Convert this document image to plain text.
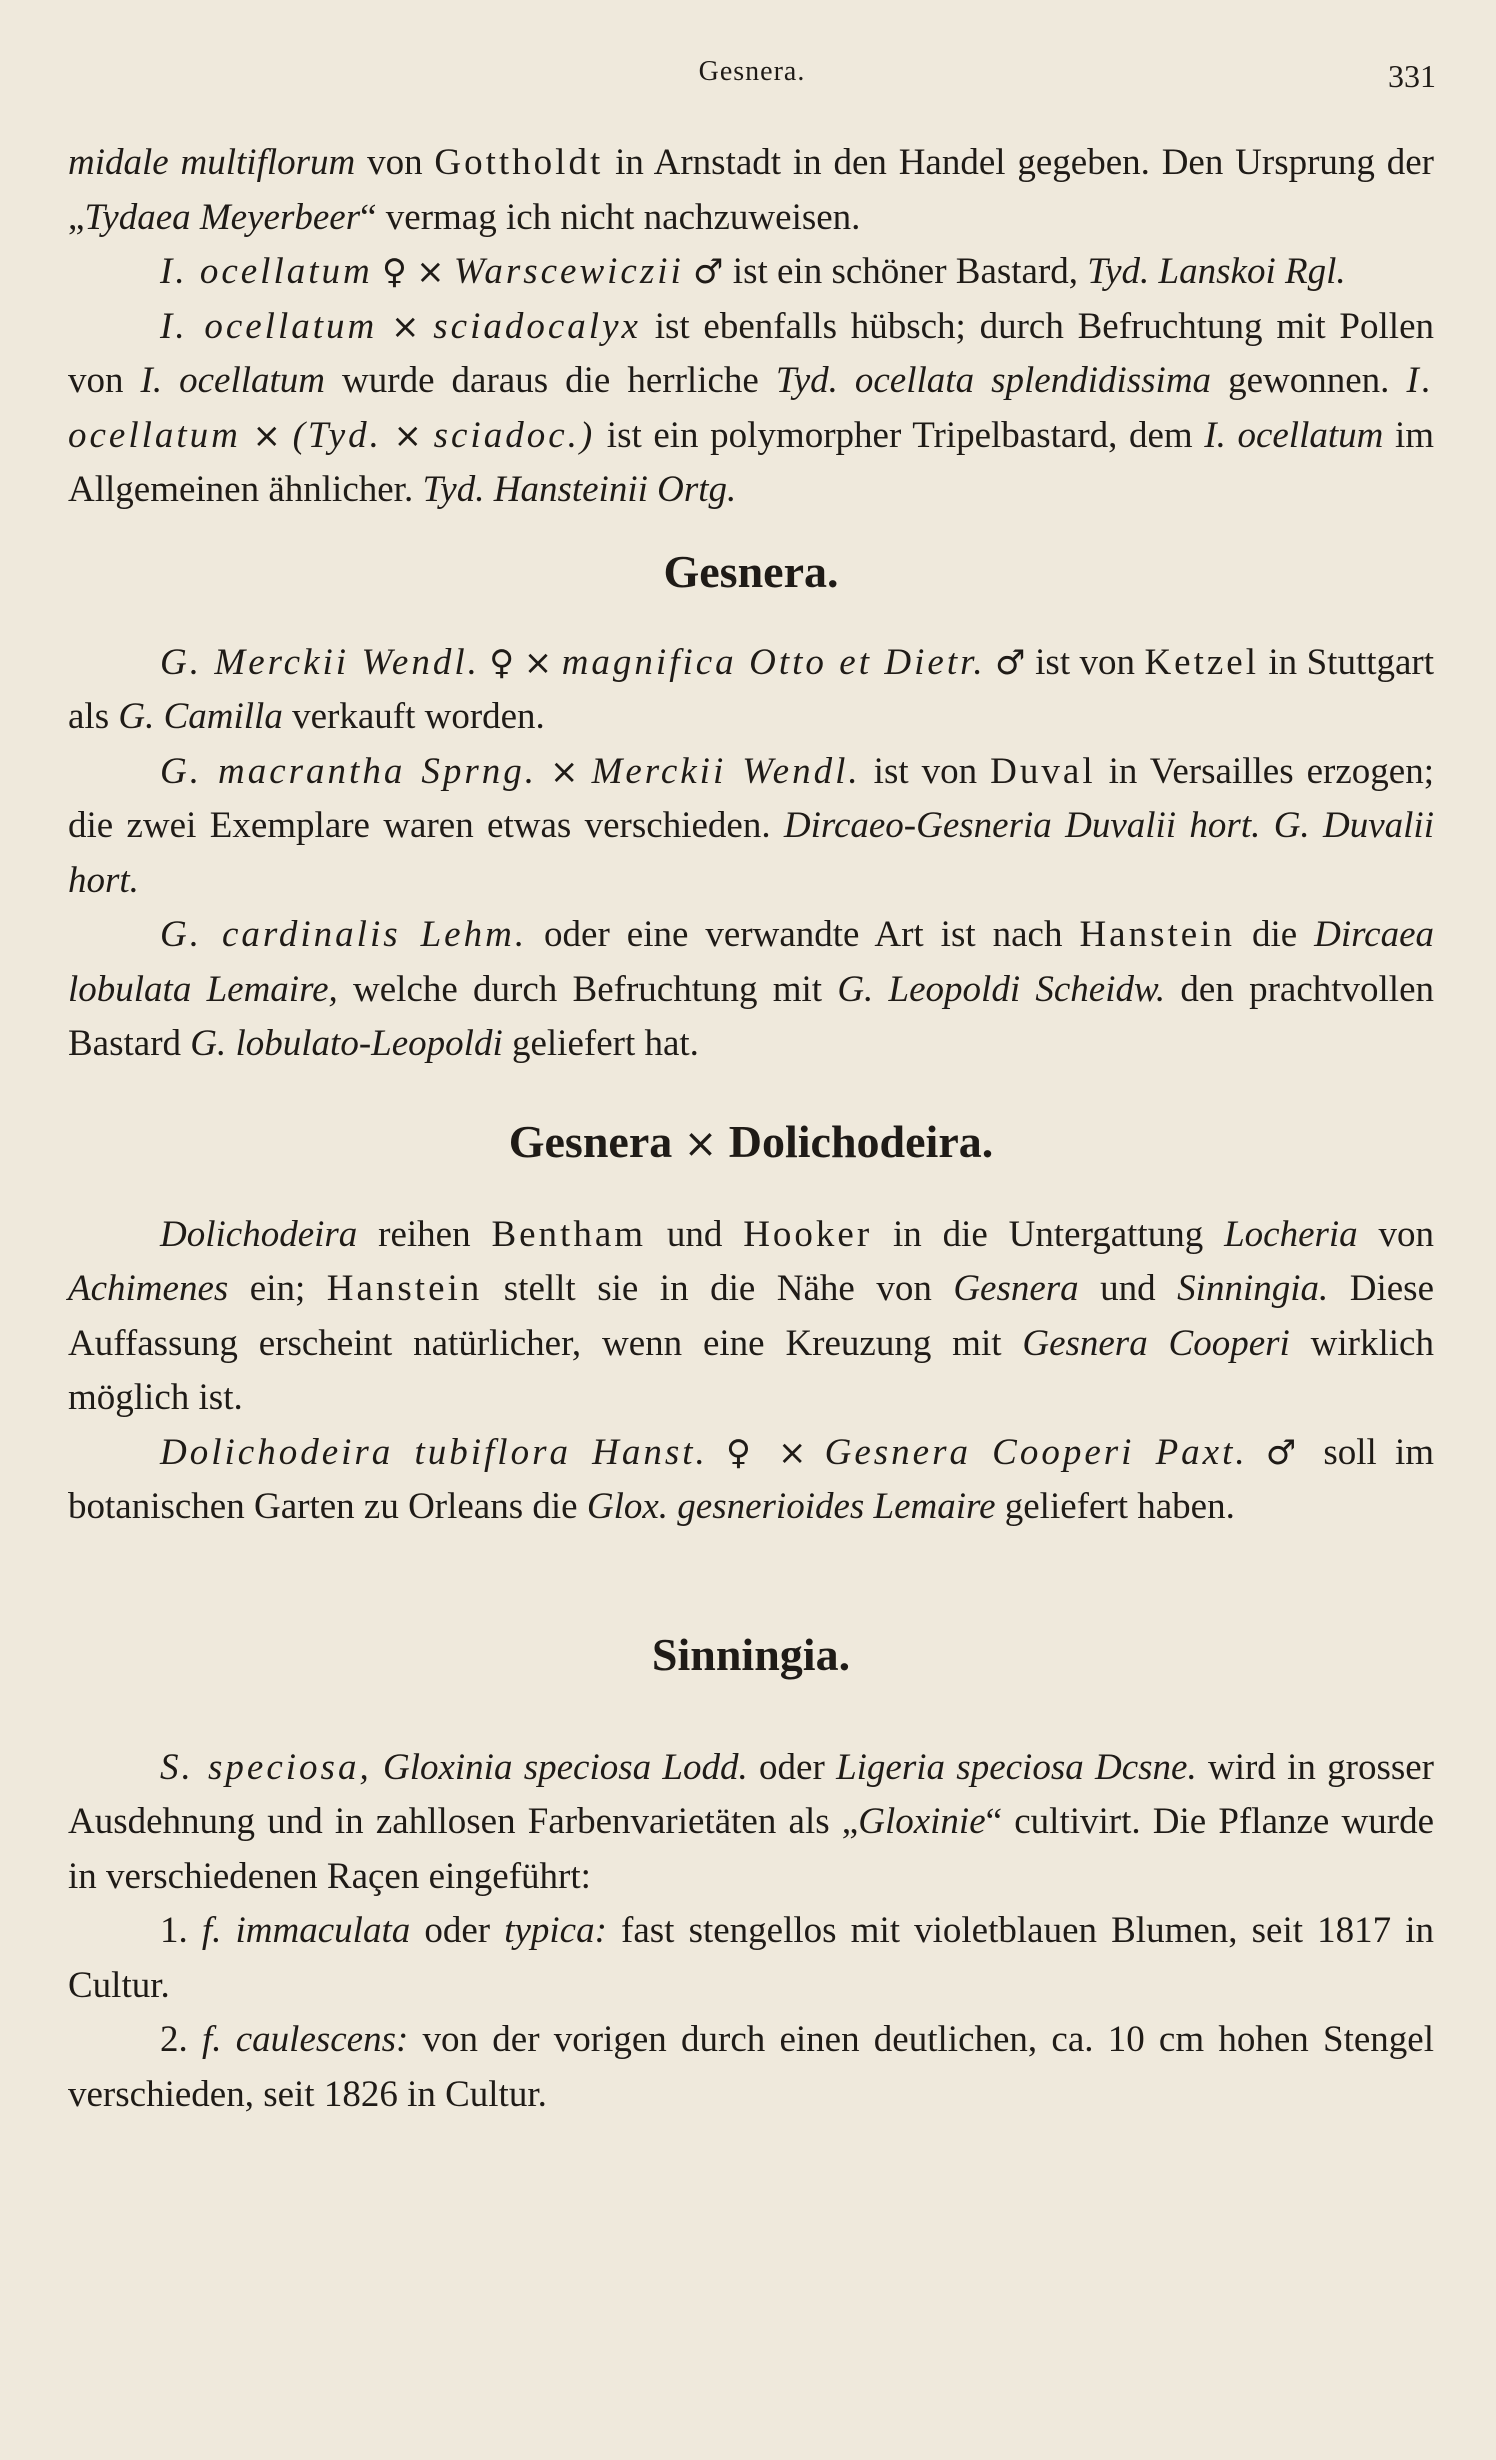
Gesnera.	331

midale multiflorum von Gottholdt in Arnstadt in den Handel gegeben. Den Ursprung der „Tydaea Meyerbeer“ vermag ich nicht nachzuweisen.

I. ocellatum ♀ × Warscewiczii ♂ ist ein schöner Bastard, Tyd. Lanskoi Rgl.

I. ocellatum × sciadocalyx ist ebenfalls hübsch; durch Befruchtung mit Pollen von I. ocellatum wurde daraus die herrliche Tyd. ocellata splendidissima gewonnen. I. ocellatum × (Tyd. × sciadoc.) ist ein polymorpher Tripelbastard, dem I. ocellatum im Allgemeinen ähnlicher. Tyd. Hansteinii Ortg.

Gesnera.

G. Merckii Wendl. ♀ × magnifica Otto et Dietr. ♂ ist von Ketzel in Stuttgart als G. Camilla verkauft worden.

G. macrantha Sprng. × Merckii Wendl. ist von Duval in Versailles erzogen; die zwei Exemplare waren etwas verschieden. Dircaeo-Gesneria Duvalii hort. G. Duvalii hort.

G. cardinalis Lehm. oder eine verwandte Art ist nach Hanstein die Dircaea lobulata Lemaire, welche durch Befruchtung mit G. Leopoldi Scheidw. den prachtvollen Bastard G. lobulato-Leopoldi geliefert hat.

Gesnera × Dolichodeira.

Dolichodeira reihen Bentham und Hooker in die Untergattung Locheria von Achimenes ein; Hanstein stellt sie in die Nähe von Gesnera und Sinningia. Diese Auffassung erscheint natürlicher, wenn eine Kreuzung mit Gesnera Cooperi wirklich möglich ist.

Dolichodeira tubiflora Hanst. ♀ × Gesnera Cooperi Paxt. ♂ soll im botanischen Garten zu Orleans die Glox. gesnerioides Lemaire geliefert haben.

Sinningia.

S. speciosa, Gloxinia speciosa Lodd. oder Ligeria speciosa Dcsne. wird in grosser Ausdehnung und in zahllosen Farbenvarietäten als „Gloxinie“ cultivirt. Die Pflanze wurde in verschiedenen Raçen eingeführt:

1. f. immaculata oder typica: fast stengellos mit violetblauen Blumen, seit 1817 in Cultur.

2. f. caulescens: von der vorigen durch einen deutlichen, ca. 10 cm hohen Stengel verschieden, seit 1826 in Cultur.
